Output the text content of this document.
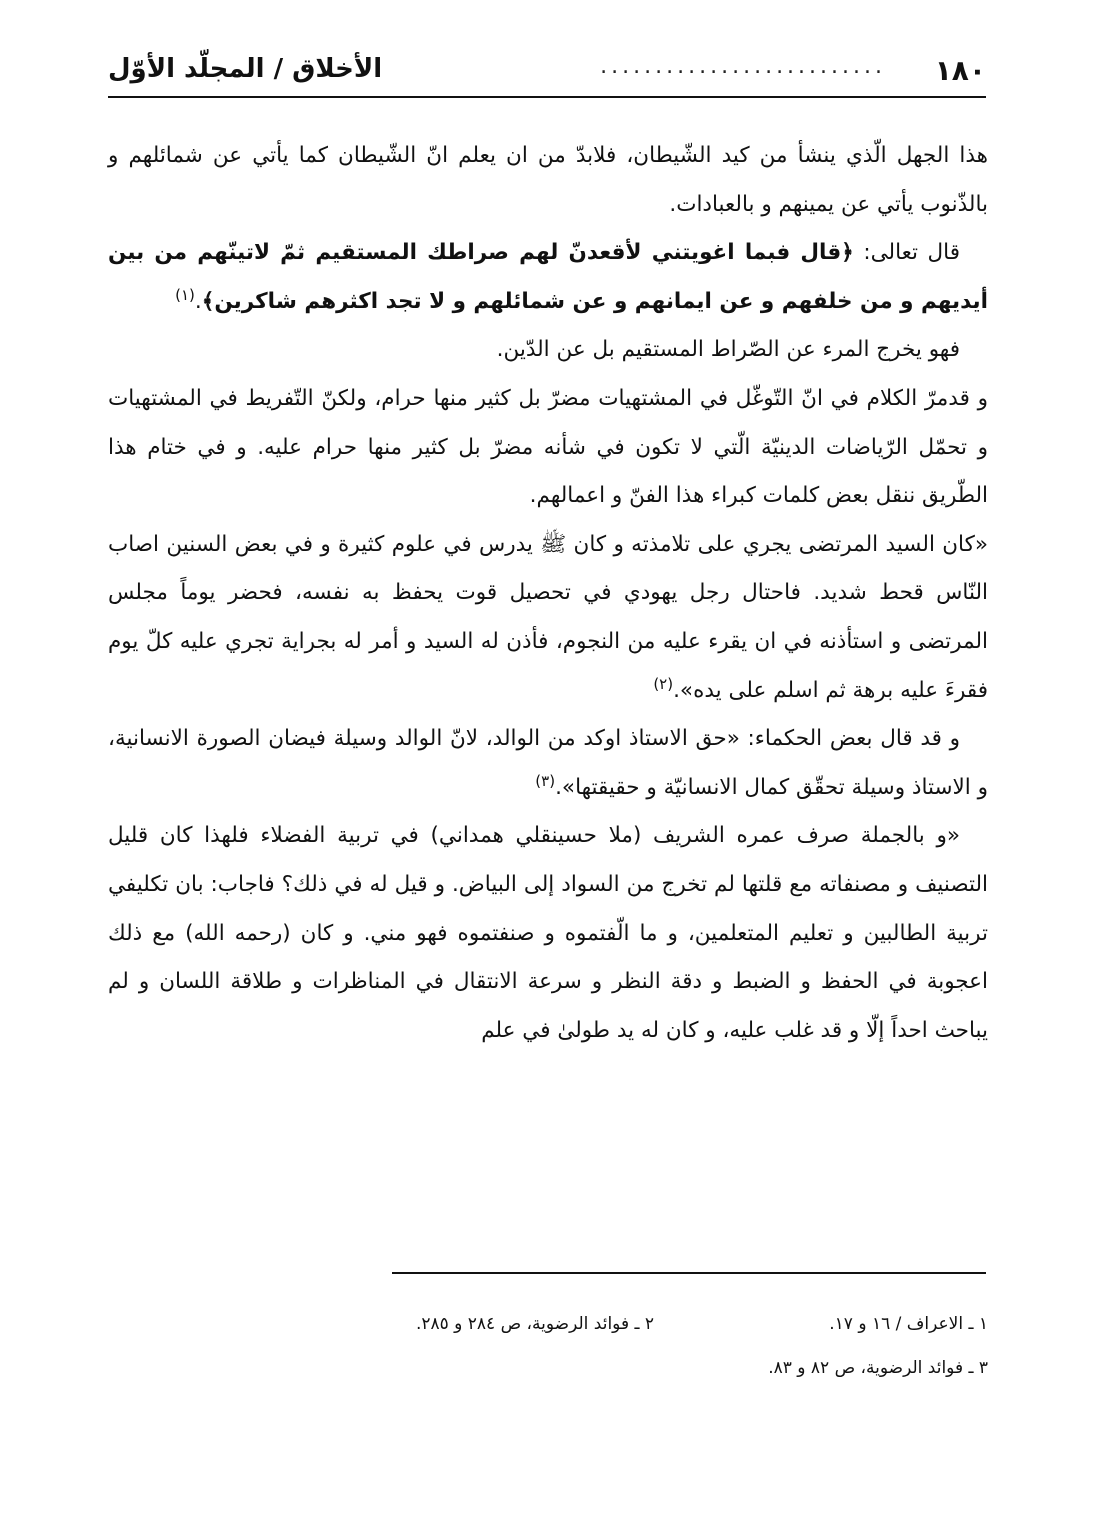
١٨٠
..........................
الأخلاق / المجلّد الأوّل

هذا الجهل الّذي ينشأ من كيد الشّيطان، فلابدّ من ان يعلم انّ الشّيطان كما يأتي عن شمائلهم و بالذّنوب يأتي عن يمينهم و بالعبادات.

قال تعالى: ﴿قال فبما اغويتني لأقعدنّ لهم صراطك المستقيم ثمّ لاتينّهم من بين أيديهم و من خلفهم و عن ايمانهم و عن شمائلهم و لا تجد اكثرهم شاكرين﴾.$^{(١)}$

فهو يخرج المرء عن الصّراط المستقيم بل عن الدّين.

و قدمرّ الكلام في انّ التّوغّل في المشتهيات مضرّ بل كثير منها حرام، ولكنّ التّفريط في المشتهيات و تحمّل الرّياضات الدينيّة الّتي لا تكون في شأنه مضرّ بل كثير منها حرام عليه. و في ختام هذا الطّريق ننقل بعض كلمات كبراء هذا الفنّ و اعمالهم.

«كان السيد المرتضى يجري على تلامذته و كان ﷺ يدرس في علوم كثيرة و في بعض السنين اصاب النّاس قحط شديد. فاحتال رجل يهودي في تحصيل قوت يحفظ به نفسه، فحضر يوماً مجلس المرتضى و استأذنه في ان يقرء عليه من النجوم، فأذن له السيد و أمر له بجراية تجري عليه كلّ يوم فقرءَ عليه برهة ثم اسلم على يده».$^{(٢)}$

و قد قال بعض الحكماء: «حق الاستاذ اوكد من الوالد، لانّ الوالد وسيلة فيضان الصورة الانسانية، و الاستاذ وسيلة تحقّق كمال الانسانيّة و حقيقتها».$^{(٣)}$

«و بالجملة صرف عمره الشريف (ملا حسينقلي همداني) في تربية الفضلاء فلهذا كان قليل التصنيف و مصنفاته مع قلتها لم تخرج من السواد إلى البياض. و قيل له في ذلك؟ فاجاب: بان تكليفي تربية الطالبين و تعليم المتعلمين، و ما الّفتموه و صنفتموه فهو مني. و كان (رحمه الله) مع ذلك اعجوبة في الحفظ و الضبط و دقة النظر و سرعة الانتقال في المناظرات و طلاقة اللسان و لم يباحث احداً إلّا و قد غلب عليه، و كان له يد طولىٰ في علم

١ ـ الاعراف / ١٦ و ١٧.
٢ ـ فوائد الرضوية، ص ٢٨٤ و ٢٨٥.
٣ ـ فوائد الرضوية، ص ٨٢ و ٨٣.
